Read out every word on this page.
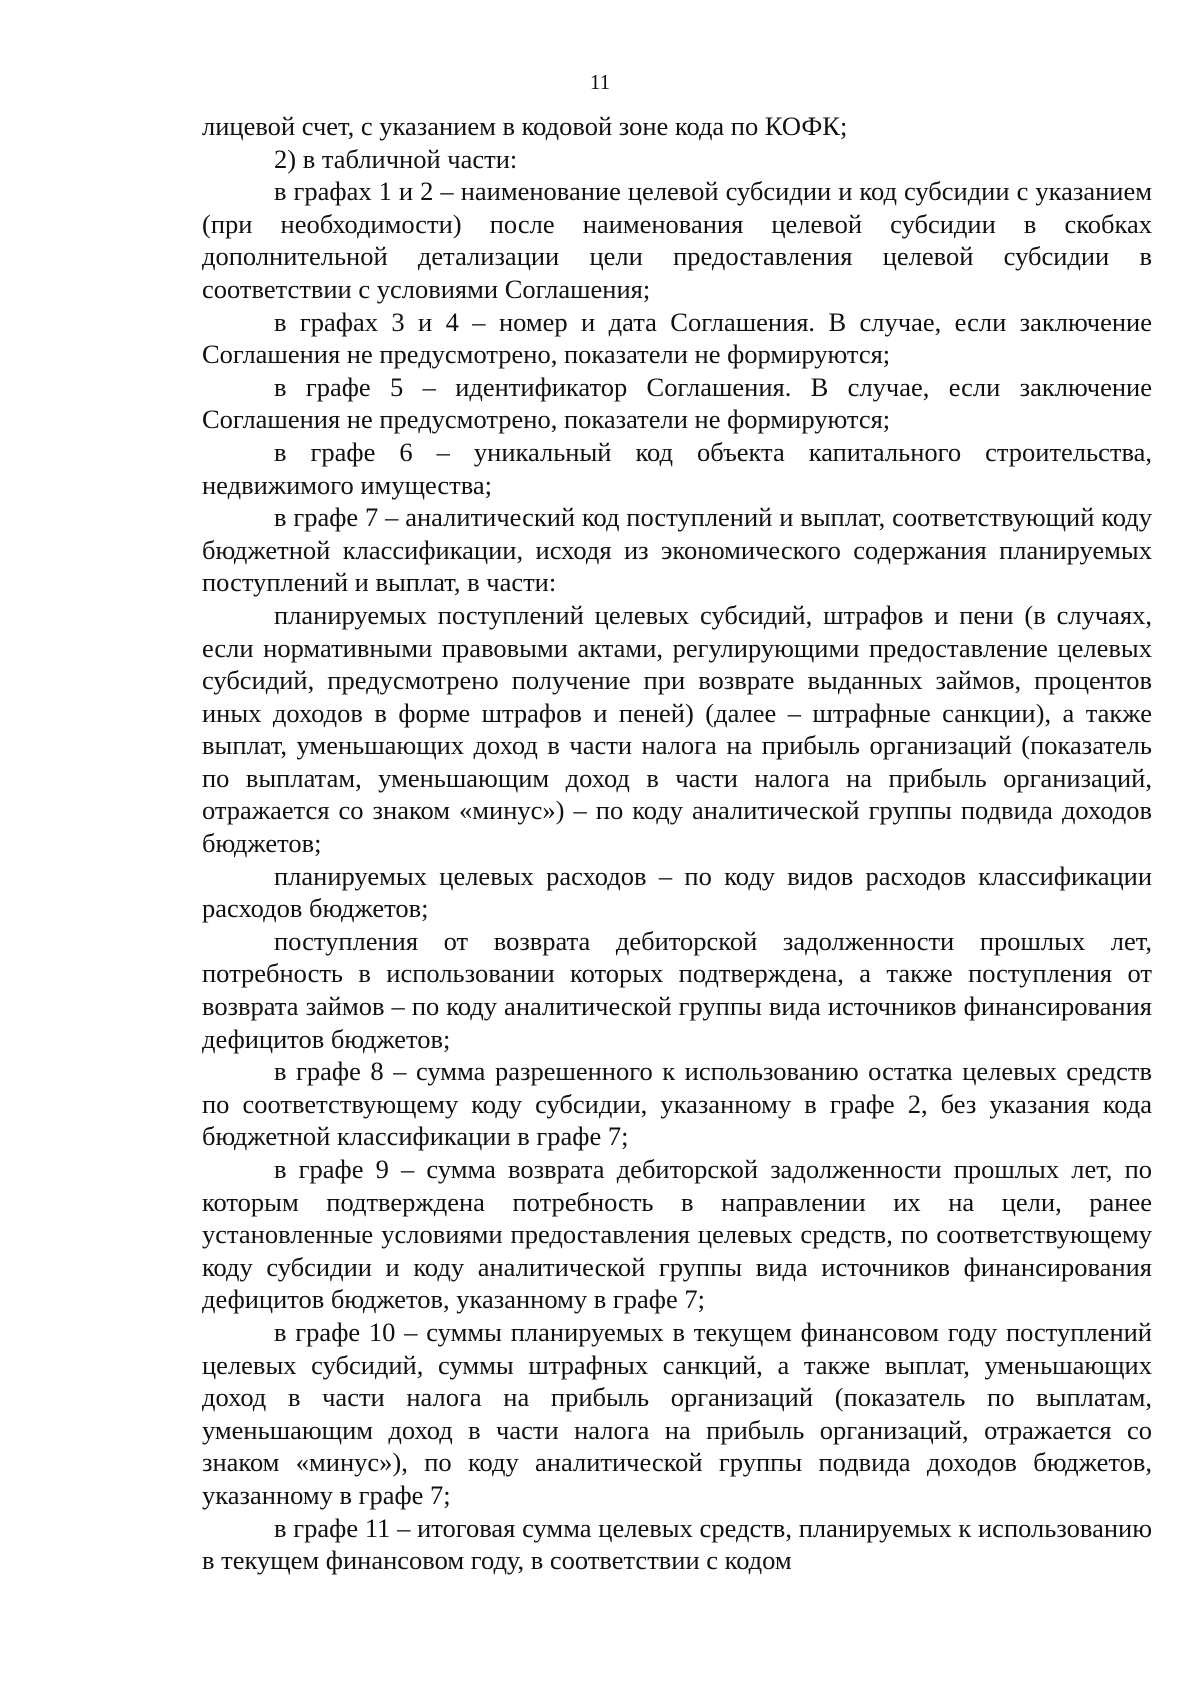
11

лицевой счет, с указанием в кодовой зоне кода по КОФК;

2) в табличной части:

в графах 1 и 2 – наименование целевой субсидии и код субсидии с указанием (при необходимости) после наименования целевой субсидии в скобках дополнительной детализации цели предоставления целевой субсидии в соответствии с условиями Соглашения;

в графах 3 и 4 – номер и дата Соглашения. В случае, если заключение Соглашения не предусмотрено, показатели не формируются;

в графе 5 – идентификатор Соглашения. В случае, если заключение Соглашения не предусмотрено, показатели не формируются;

в графе 6 – уникальный код объекта капитального строительства, недвижимого имущества;

в графе 7 – аналитический код поступлений и выплат, соответствующий коду бюджетной классификации, исходя из экономического содержания планируемых поступлений и выплат, в части:

планируемых поступлений целевых субсидий, штрафов и пени (в случаях, если нормативными правовыми актами, регулирующими предоставление целевых субсидий, предусмотрено получение при возврате выданных займов, процентов иных доходов в форме штрафов и пеней) (далее – штрафные санкции), а также выплат, уменьшающих доход в части налога на прибыль организаций (показатель по выплатам, уменьшающим доход в части налога на прибыль организаций, отражается со знаком «минус») – по коду аналитической группы подвида доходов бюджетов;

планируемых целевых расходов – по коду видов расходов классификации расходов бюджетов;

поступления от возврата дебиторской задолженности прошлых лет, потребность в использовании которых подтверждена, а также поступления от возврата займов – по коду аналитической группы вида источников финансирования дефицитов бюджетов;

в графе 8 – сумма разрешенного к использованию остатка целевых средств по соответствующему коду субсидии, указанному в графе 2, без указания кода бюджетной классификации в графе 7;

в графе 9 – сумма возврата дебиторской задолженности прошлых лет, по которым подтверждена потребность в направлении их на цели, ранее установленные условиями предоставления целевых средств, по соответствующему коду субсидии и коду аналитической группы вида источников финансирования дефицитов бюджетов, указанному в графе 7;

в графе 10 – суммы планируемых в текущем финансовом году поступлений целевых субсидий, суммы штрафных санкций, а также выплат, уменьшающих доход в части налога на прибыль организаций (показатель по выплатам, уменьшающим доход в части налога на прибыль организаций, отражается со знаком «минус»), по коду аналитической группы подвида доходов бюджетов, указанному в графе 7;

в графе 11 – итоговая сумма целевых средств, планируемых к использованию в текущем финансовом году, в соответствии с кодом
